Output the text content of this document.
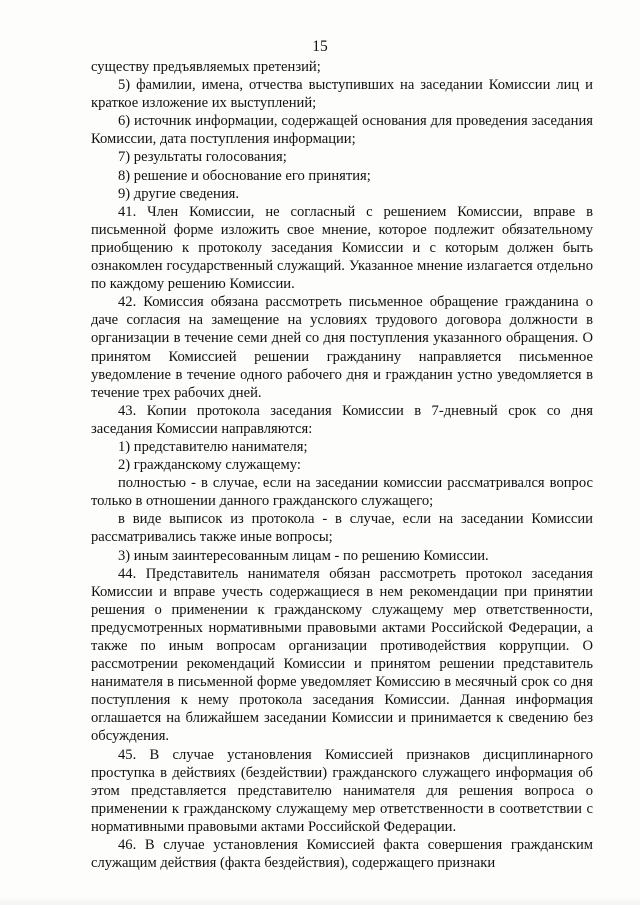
15

существу предъявляемых претензий;

5) фамилии, имена, отчества выступивших на заседании Комиссии лиц и краткое изложение их выступлений;

6) источник информации, содержащей основания для проведения заседания Комиссии, дата поступления информации;

7) результаты голосования;

8) решение и обоснование его принятия;

9) другие сведения.

41. Член Комиссии, не согласный с решением Комиссии, вправе в письменной форме изложить свое мнение, которое подлежит обязательному приобщению к протоколу заседания Комиссии и с которым должен быть ознакомлен государственный служащий. Указанное мнение излагается отдельно по каждому решению Комиссии.

42. Комиссия обязана рассмотреть письменное обращение гражданина о даче согласия на замещение на условиях трудового договора должности в организации в течение семи дней со дня поступления указанного обращения. О принятом Комиссией решении гражданину направляется письменное уведомление в течение одного рабочего дня и гражданин устно уведомляется в течение трех рабочих дней.

43. Копии протокола заседания Комиссии в 7-дневный срок со дня заседания Комиссии направляются:

1) представителю нанимателя;

2) гражданскому служащему:

полностью - в случае, если на заседании комиссии рассматривался вопрос только в отношении данного гражданского служащего;

в виде выписок из протокола - в случае, если на заседании Комиссии рассматривались также иные вопросы;

3) иным заинтересованным лицам - по решению Комиссии.

44. Представитель нанимателя обязан рассмотреть протокол заседания Комиссии и вправе учесть содержащиеся в нем рекомендации при принятии решения о применении к гражданскому служащему мер ответственности, предусмотренных нормативными правовыми актами Российской Федерации, а также по иным вопросам организации противодействия коррупции. О рассмотрении рекомендаций Комиссии и принятом решении представитель нанимателя в письменной форме уведомляет Комиссию в месячный срок со дня поступления к нему протокола заседания Комиссии. Данная информация оглашается на ближайшем заседании Комиссии и принимается к сведению без обсуждения.

45. В случае установления Комиссией признаков дисциплинарного проступка в действиях (бездействии) гражданского служащего информация об этом представляется представителю нанимателя для решения вопроса о применении к гражданскому служащему мер ответственности в соответствии с нормативными правовыми актами Российской Федерации.

46. В случае установления Комиссией факта совершения гражданским служащим действия (факта бездействия), содержащего признаки
